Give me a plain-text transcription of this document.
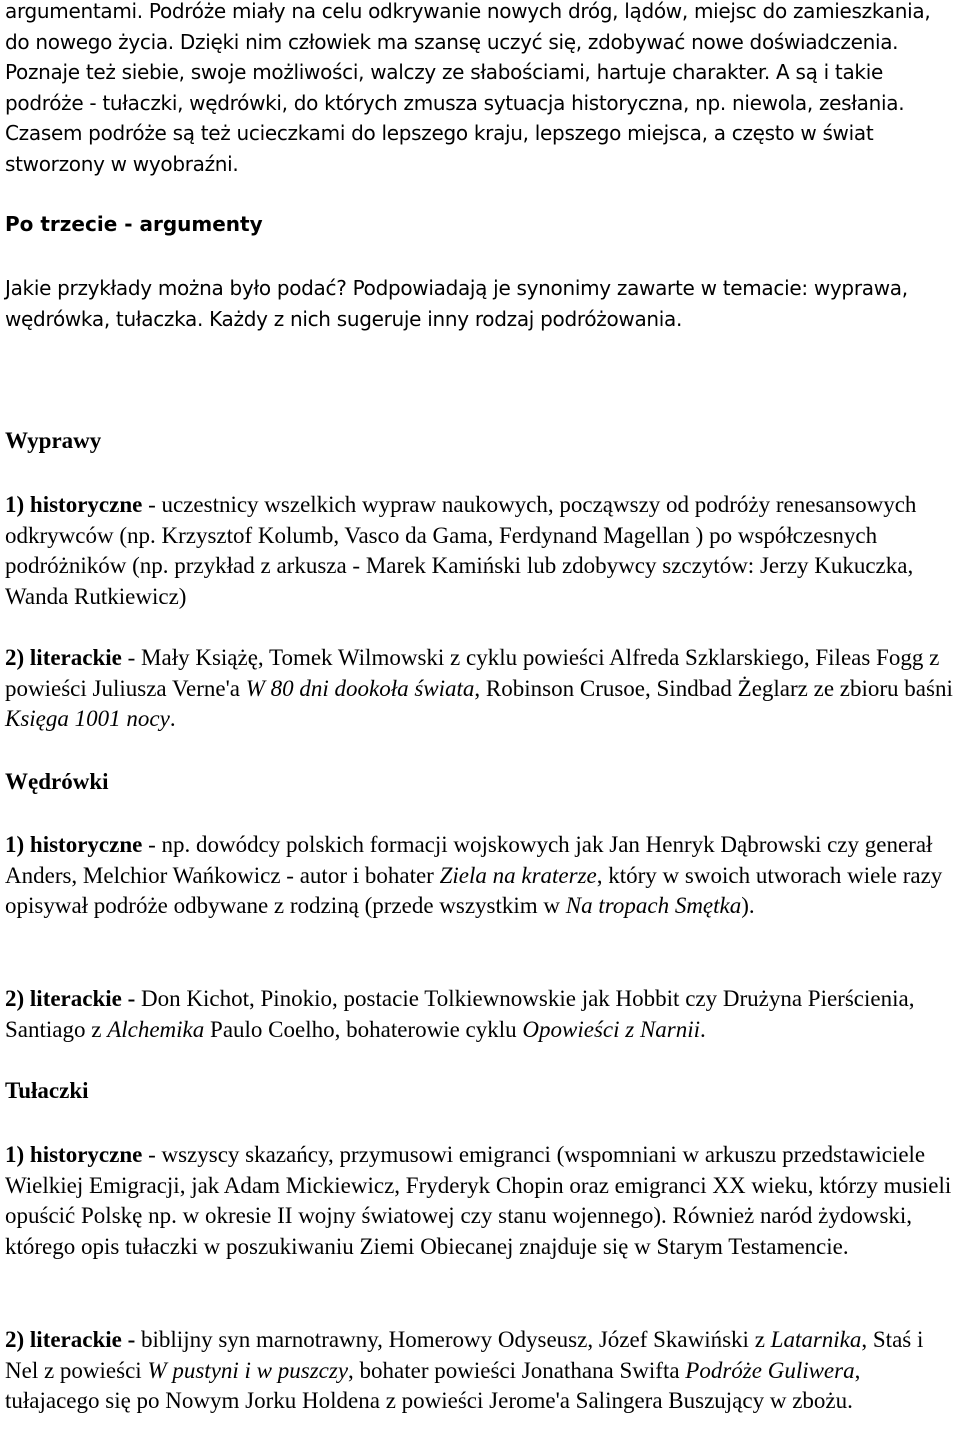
argumentami. Podróże miały na celu odkrywanie nowych dróg, lądów, miejsc do zamieszkania, do nowego życia. Dzięki nim człowiek ma szansę uczyć się, zdobywać nowe doświadczenia. Poznaje też siebie, swoje możliwości, walczy ze słabościami, hartuje charakter. A są i takie podróże - tułaczki, wędrówki, do których zmusza sytuacja historyczna, np. niewola, zesłania. Czasem podróże są też ucieczkami do lepszego kraju, lepszego miejsca, a często w świat stworzony w wyobraźni.

Po trzecie - argumenty

Jakie przykłady można było podać? Podpowiadają je synonimy zawarte w temacie: wyprawa, wędrówka, tułaczka. Każdy z nich sugeruje inny rodzaj podróżowania.

Wyprawy

1) historyczne - uczestnicy wszelkich wypraw naukowych, począwszy od podróży renesansowych odkrywców (np. Krzysztof Kolumb, Vasco da Gama, Ferdynand Magellan ) po współczesnych podróżników (np. przykład z arkusza - Marek Kamiński lub zdobywcy szczytów: Jerzy Kukuczka, Wanda Rutkiewicz)

2) literackie - Mały Książę, Tomek Wilmowski z cyklu powieści Alfreda Szklarskiego, Fileas Fogg z powieści Juliusza Verne'a W 80 dni dookoła świata, Robinson Crusoe, Sindbad Żeglarz ze zbioru baśni Księga 1001 nocy.

Wędrówki

1) historyczne - np. dowódcy polskich formacji wojskowych jak Jan Henryk Dąbrowski czy generał Anders, Melchior Wańkowicz - autor i bohater Ziela na kraterze, który w swoich utworach wiele razy opisywał podróże odbywane z rodziną (przede wszystkim w Na tropach Smętka).

2) literackie - Don Kichot, Pinokio, postacie Tolkiewnowskie jak Hobbit czy Drużyna Pierścienia, Santiago z Alchemika Paulo Coelho, bohaterowie cyklu Opowieści z Narnii.

Tułaczki

1) historyczne - wszyscy skazańcy, przymusowi emigranci (wspomniani w arkuszu przedstawiciele Wielkiej Emigracji, jak Adam Mickiewicz, Fryderyk Chopin oraz emigranci XX wieku, którzy musieli opuścić Polskę np. w okresie II wojny światowej czy stanu wojennego). Również naród żydowski, którego opis tułaczki w poszukiwaniu Ziemi Obiecanej znajduje się w Starym Testamencie.

2) literackie - biblijny syn marnotrawny, Homerowy Odyseusz, Józef Skawiński z Latarnika, Staś i Nel z powieści W pustyni i w puszczy, bohater powieści Jonathana Swifta Podróże Guliwera, tułajacego się po Nowym Jorku Holdena z powieści Jerome'a Salingera Buszujący w zbożu.
